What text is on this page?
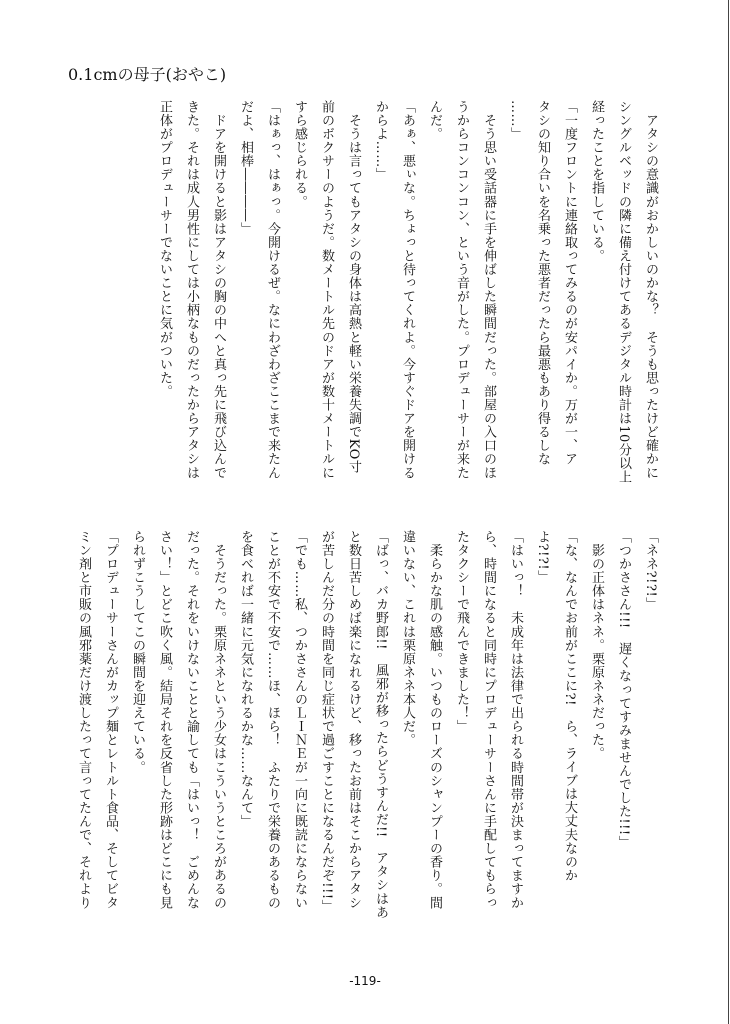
0.1cmの母子(おやこ)

　アタシの意識がおかしいのかな？　そうも思ったけど確かに

シングルベッドの隣に備え付けてあるデジタル時計は10分以上

経ったことを指している。

「一度フロントに連絡取ってみるのが安パイか。万が一、ア

タシの知り合いを名乗った悪者だったら最悪もあり得るしな

……」

　そう思い受話器に手を伸ばした瞬間だった。部屋の入口のほ

うからコンコンコン、という音がした。プロデューサーが来た

んだ。

「あぁ、悪ぃな。ちょっと待ってくれよ。今すぐドアを開ける

からよ……」

　そうは言ってもアタシの身体は高熱と軽い栄養失調でKO寸

前のボクサーのようだ。数メートル先のドアが数十メートルに

すら感じられる。

「はぁっ、はぁっ。今開けるぜ。なにわざわざここまで来たん

だよ、相棒――――」

　ドアを開けると影はアタシの胸の中へと真っ先に飛び込んで

きた。それは成人男性にしては小柄なものだったからアタシは

正体がプロデューサーでないことに気がついた。

「ネネ?!?!」

「つかささん!!!　遅くなってすみませんでした!!!」

　影の正体はネネ。栗原ネネだった。

「な、なんでお前がここに?!　ら、ライブは大丈夫なのか

よ?!?!」

「はいっ！　未成年は法律で出られる時間帯が決まってますか

ら、時間になると同時にプロデューサーさんに手配してもらっ

たタクシーで飛んできました！」

　柔らかな肌の感触。いつものローズのシャンプーの香り。間

違いない、これは栗原ネネ本人だ。

「ばっ、バカ野郎!!　風邪が移ったらどうすんだ!!　アタシはあ

と数日苦しめば楽になれるけど、移ったお前はそこからアタシ

が苦しんだ分の時間を同じ症状で過ごすことになるんだぞ!!!」

「でも……私、つかささんのＬＩＮＥが一向に既読にならない

ことが不安で不安で……ほ、ほら！　ふたりで栄養のあるもの

を食べれば一緒に元気になれるかな……なんて」

　そうだった。栗原ネネという少女はこういうところがあるの

だった。それをいけないことと諭しても「はいっ！　ごめんな

さい！」とどこ吹く風。結局それを反省した形跡はどこにも見

られずこうしてこの瞬間を迎えている。

「プロデューサーさんがカップ麺とレトルト食品、そしてビタ

ミン剤と市販の風邪薬だけ渡したって言ってたんで、それより

-119-
